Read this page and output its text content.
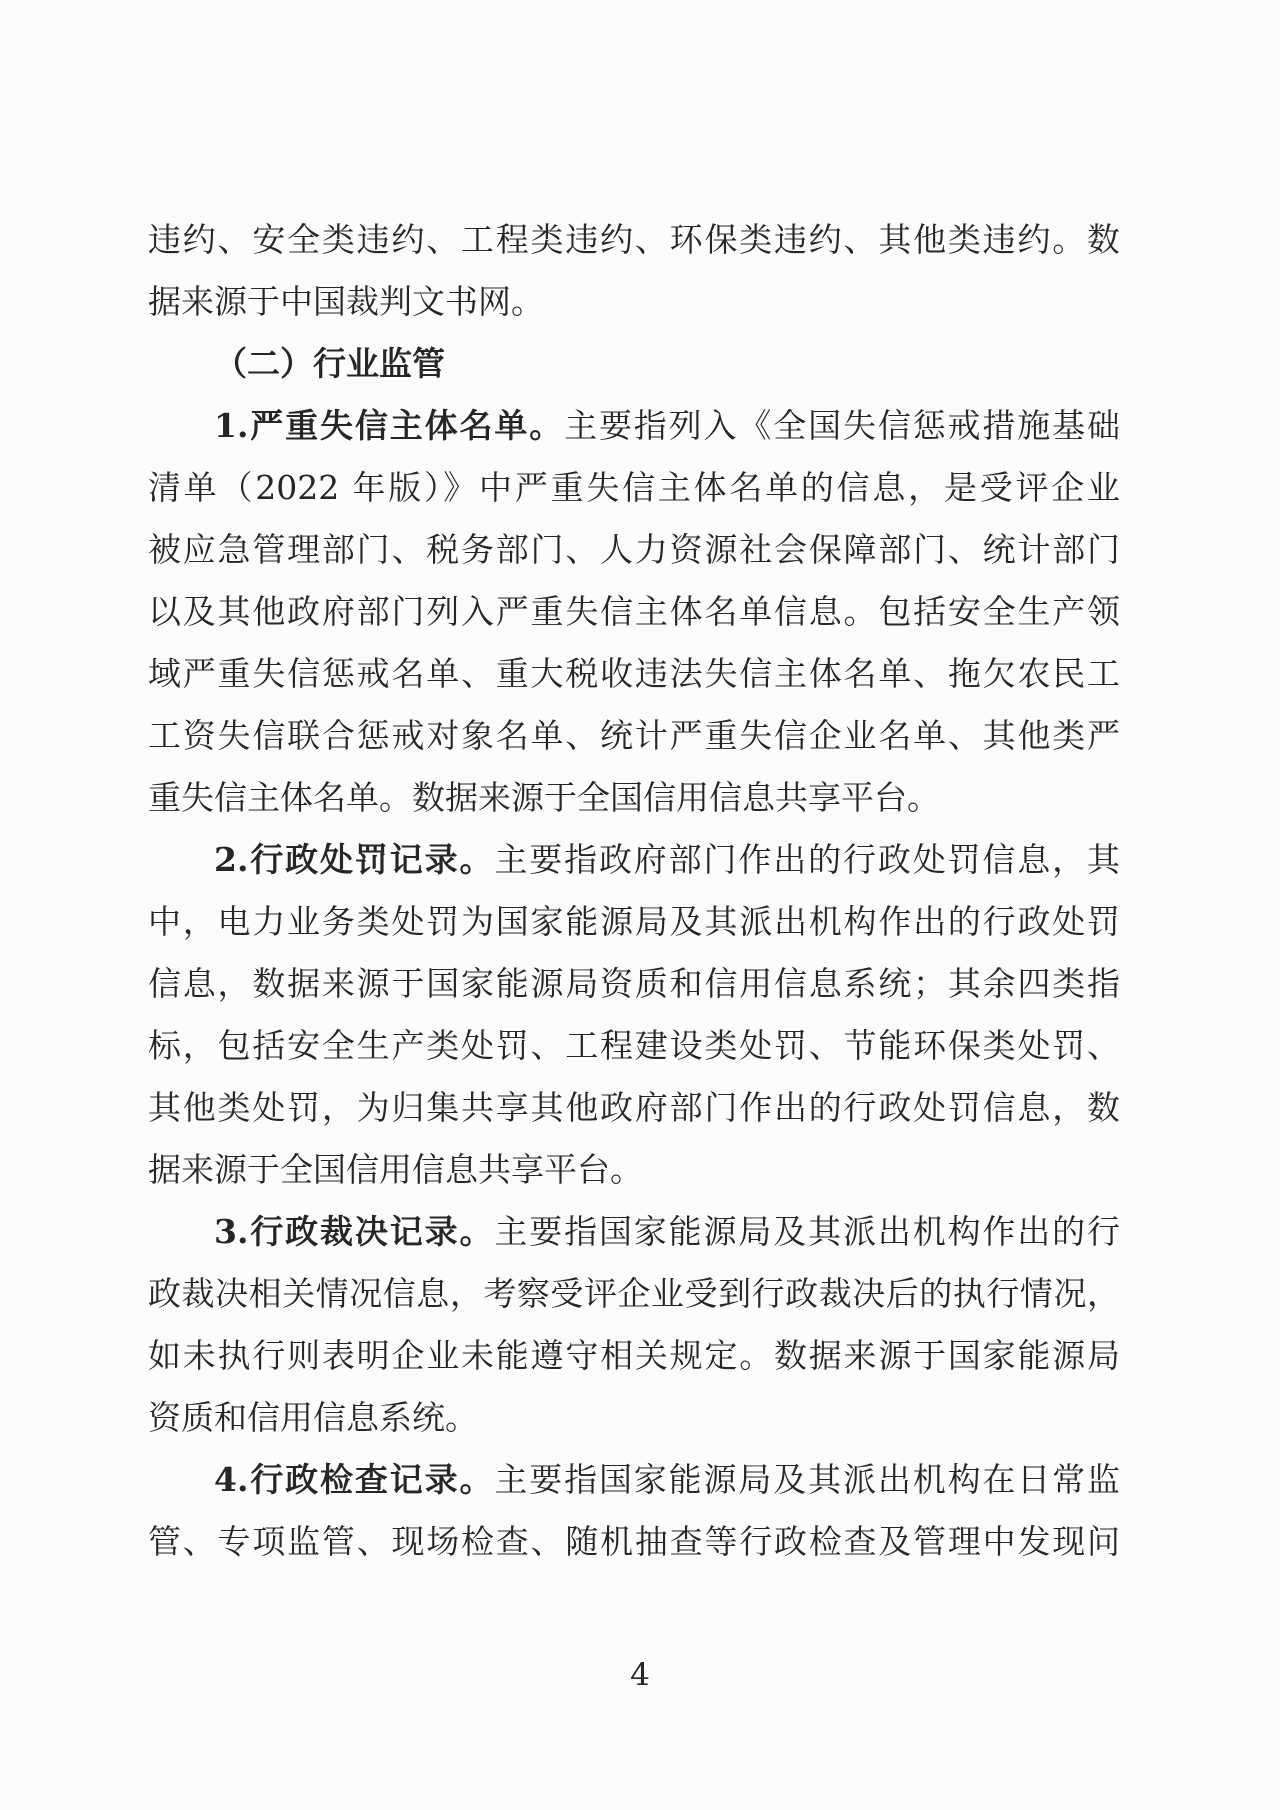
违约、安全类违约、工程类违约、环保类违约、其他类违约。数
据来源于中国裁判文书网。
（二）行业监管
1.严重失信主体名单。主要指列入《全国失信惩戒措施基础
清单（2022 年版）》中严重失信主体名单的信息，是受评企业
被应急管理部门、税务部门、人力资源社会保障部门、统计部门
以及其他政府部门列入严重失信主体名单信息。包括安全生产领
域严重失信惩戒名单、重大税收违法失信主体名单、拖欠农民工
工资失信联合惩戒对象名单、统计严重失信企业名单、其他类严
重失信主体名单。数据来源于全国信用信息共享平台。
2.行政处罚记录。主要指政府部门作出的行政处罚信息，其
中，电力业务类处罚为国家能源局及其派出机构作出的行政处罚
信息，数据来源于国家能源局资质和信用信息系统；其余四类指
标，包括安全生产类处罚、工程建设类处罚、节能环保类处罚、
其他类处罚，为归集共享其他政府部门作出的行政处罚信息，数
据来源于全国信用信息共享平台。
3.行政裁决记录。主要指国家能源局及其派出机构作出的行
政裁决相关情况信息，考察受评企业受到行政裁决后的执行情况，
如未执行则表明企业未能遵守相关规定。数据来源于国家能源局
资质和信用信息系统。
4.行政检查记录。主要指国家能源局及其派出机构在日常监
管、专项监管、现场检查、随机抽查等行政检查及管理中发现问
4
